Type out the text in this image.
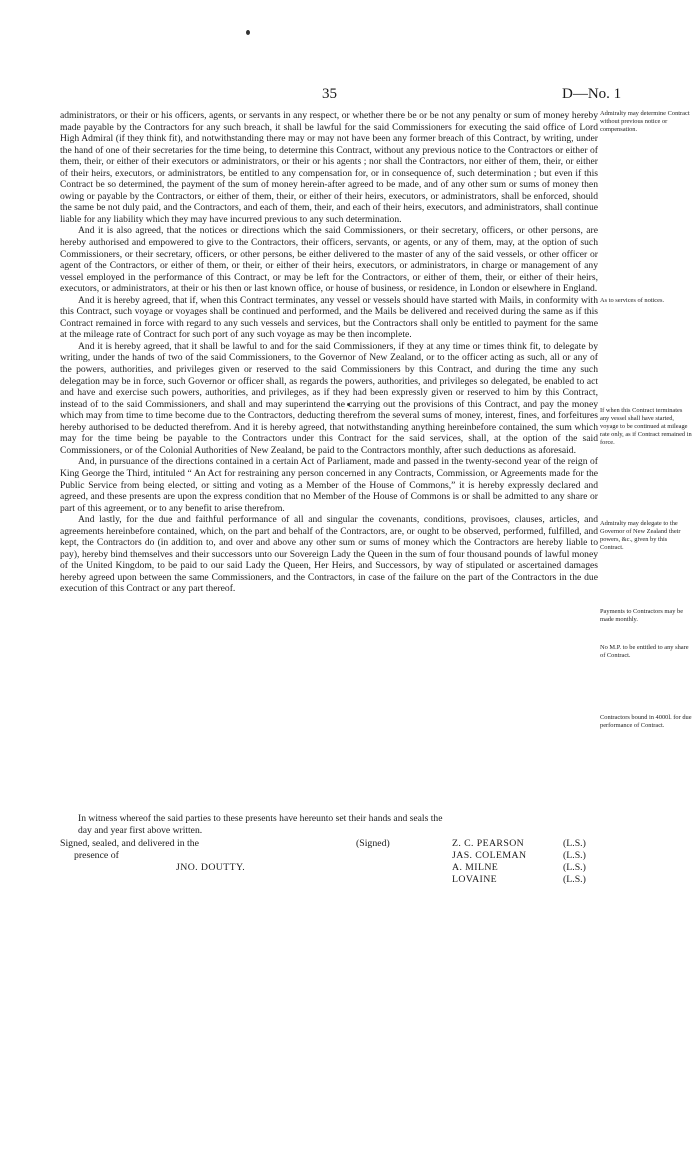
35	D—No. 1

administrators, or their or his officers, agents, or servants in any respect, or whether there be or be not any penalty or sum of money hereby made payable by the Contractors for any such breach, it shall be lawful for the said Commissioners for executing the said office of Lord High Admiral (if they think fit), and notwithstanding there may or may not have been any former breach of this Contract, by writing, under the hand of one of their secretaries for the time being, to determine this Contract, without any previous notice to the Contractors or either of them, their, or either of their executors or administrators, or their or his agents ; nor shall the Contractors, nor either of them, their, or either of their heirs, executors, or administrators, be entitled to any compensation for, or in consequence of, such determination ; but even if this Contract be so determined, the payment of the sum of money herein-after agreed to be made, and of any other sum or sums of money then owing or payable by the Contractors, or either of them, their, or either of their heirs, executors, or administrators, shall be enforced, should the same be not duly paid, and the Contractors, and each of them, their, and each of their heirs, executors, and administrators, shall continue liable for any liability which they may have incurred previous to any such determination.

And it is also agreed, that the notices or directions which the said Commissioners, or their secretary, officers, or other persons, are hereby authorised and empowered to give to the Contractors, their officers, servants, or agents, or any of them, may, at the option of such Commissioners, or their secretary, officers, or other persons, be either delivered to the master of any of the said vessels, or other officer or agent of the Contractors, or either of them, or their, or either of their heirs, executors, or administrators, in charge or management of any vessel employed in the performance of this Contract, or may be left for the Contractors, or either of them, their, or either of their heirs, executors, or administrators, at their or his then or last known office, or house of business, or residence, in London or elsewhere in England.

And it is hereby agreed, that if, when this Contract terminates, any vessel or vessels should have started with Mails, in conformity with this Contract, such voyage or voyages shall be continued and performed, and the Mails be delivered and received during the same as if this Contract remained in force with regard to any such vessels and services, but the Contractors shall only be entitled to payment for the same at the mileage rate of Contract for such port of any such voyage as may be then incomplete.

And it is hereby agreed, that it shall be lawful to and for the said Commissioners, if they at any time or times think fit, to delegate by writing, under the hands of two of the said Commissioners, to the Governor of New Zealand, or to the officer acting as such, all or any of the powers, authorities, and privileges given or reserved to the said Commissioners by this Contract, and during the time any such delegation may be in force, such Governor or officer shall, as regards the powers, authorities, and privileges so delegated, be enabled to act and have and exercise such powers, authorities, and privileges, as if they had been expressly given or reserved to him by this Contract, instead of to the said Commissioners, and shall and may superintend the carrying out the provisions of this Contract, and pay the money which may from time to time become due to the Contractors, deducting therefrom the several sums of money, interest, fines, and forfeitures hereby authorised to be deducted therefrom. And it is hereby agreed, that notwithstanding anything hereinbefore contained, the sum which may for the time being be payable to the Contractors under this Contract for the said services, shall, at the option of the said Commissioners, or of the Colonial Authorities of New Zealand, be paid to the Contractors monthly, after such deductions as aforesaid.

And, in pursuance of the directions contained in a certain Act of Parliament, made and passed in the twenty-second year of the reign of King George the Third, intituled “ An Act for restraining any person concerned in any Contracts, Commission, or Agreements made for the Public Service from being elected, or sitting and voting as a Member of the House of Commons,” it is hereby expressly declared and agreed, and these presents are upon the express condition that no Member of the House of Commons is or shall be admitted to any share or part of this agreement, or to any benefit to arise therefrom.

And lastly, for the due and faithful performance of all and singular the covenants, conditions, provisoes, clauses, articles, and agreements hereinbefore contained, which, on the part and behalf of the Contractors, are, or ought to be observed, performed, fulfilled, and kept, the Contractors do (in addition to, and over and above any other sum or sums of money which the Contractors are hereby liable to pay), hereby bind themselves and their successors unto our Sovereign Lady the Queen in the sum of four thousand pounds of lawful money of the United Kingdom, to be paid to our said Lady the Queen, Her Heirs, and Successors, by way of stipulated or ascertained damages hereby agreed upon between the same Commissioners, and the Contractors, in case of the failure on the part of the Contractors in the due execution of this Contract or any part thereof.

Admiralty may determine Contract without previous notice or compensation.
As to services of notices.
If when this Contract terminates any vessel shall have started, voyage to be continued at mileage rate only, as if Contract remained in force.
Admiralty may delegate to the Governor of New Zealand their powers, &c., given by this Contract.
Payments to Contractors may be made monthly.
No M.P. to be entitled to any share of Contract.
Contractors bound in 4000l. for due performance of Contract.
In witness whereof the said parties to these presents have hereunto set their hands and seals the
day and year first above written.
Signed, sealed, and delivered in the
presence of
JNO. DOUTTY.
(Signed)	Z. C. PEARSON	(L.S.)
JAS. COLEMAN	(L.S.)
A. MILNE	(L.S.)
LOVAINE	(L.S.)
